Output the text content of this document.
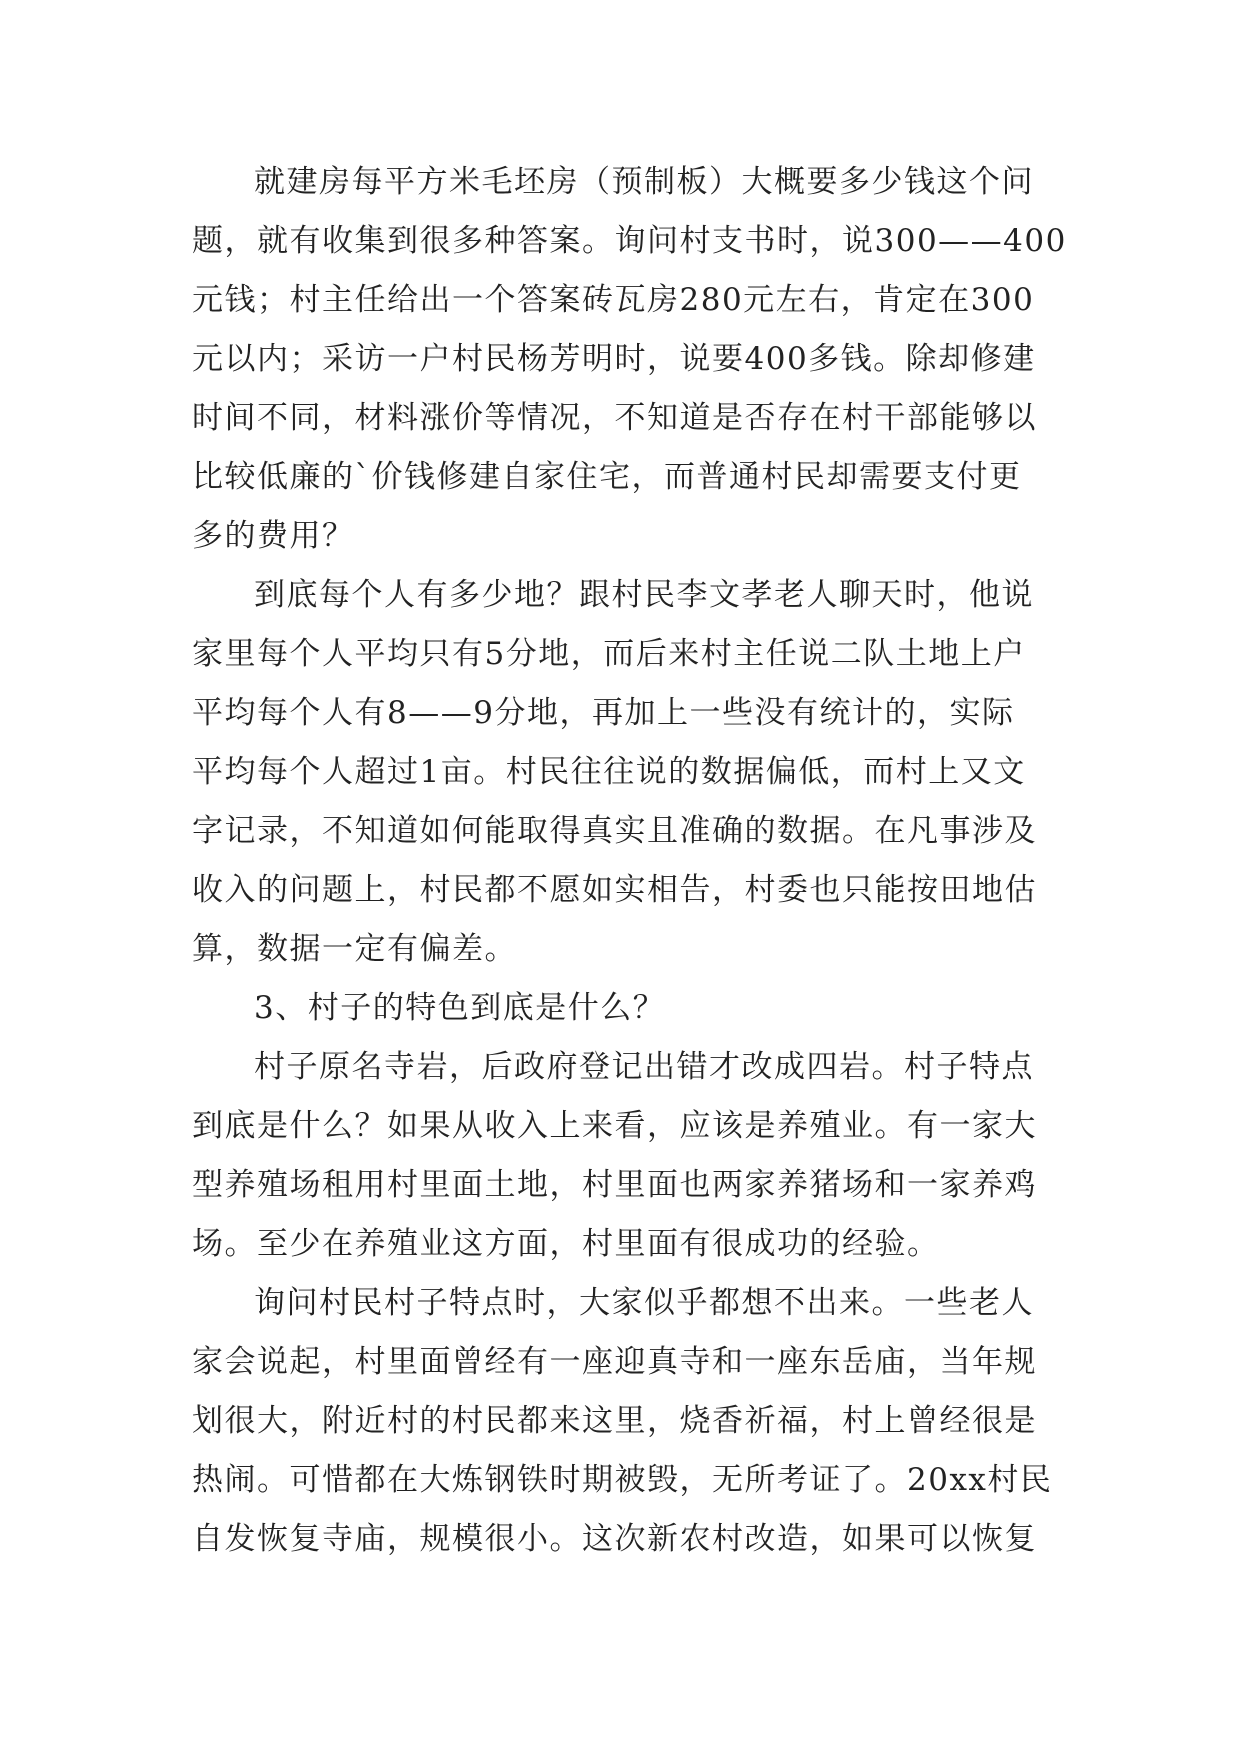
就建房每平方米毛坯房（预制板）大概要多少钱这个问
题，就有收集到很多种答案。询问村支书时，说300——400
元钱；村主任给出一个答案砖瓦房280元左右，肯定在300
元以内；采访一户村民杨芳明时，说要400多钱。除却修建
时间不同，材料涨价等情况，不知道是否存在村干部能够以
比较低廉的`价钱修建自家住宅，而普通村民却需要支付更
多的费用？
到底每个人有多少地？跟村民李文孝老人聊天时，他说
家里每个人平均只有5分地，而后来村主任说二队土地上户
平均每个人有8——9分地，再加上一些没有统计的，实际
平均每个人超过1亩。村民往往说的数据偏低，而村上又文
字记录，不知道如何能取得真实且准确的数据。在凡事涉及
收入的问题上，村民都不愿如实相告，村委也只能按田地估
算，数据一定有偏差。
3、村子的特色到底是什么？
村子原名寺岩，后政府登记出错才改成四岩。村子特点
到底是什么？如果从收入上来看，应该是养殖业。有一家大
型养殖场租用村里面土地，村里面也两家养猪场和一家养鸡
场。至少在养殖业这方面，村里面有很成功的经验。
询问村民村子特点时，大家似乎都想不出来。一些老人
家会说起，村里面曾经有一座迎真寺和一座东岳庙，当年规
划很大，附近村的村民都来这里，烧香祈福，村上曾经很是
热闹。可惜都在大炼钢铁时期被毁，无所考证了。20xx村民
自发恢复寺庙，规模很小。这次新农村改造，如果可以恢复
